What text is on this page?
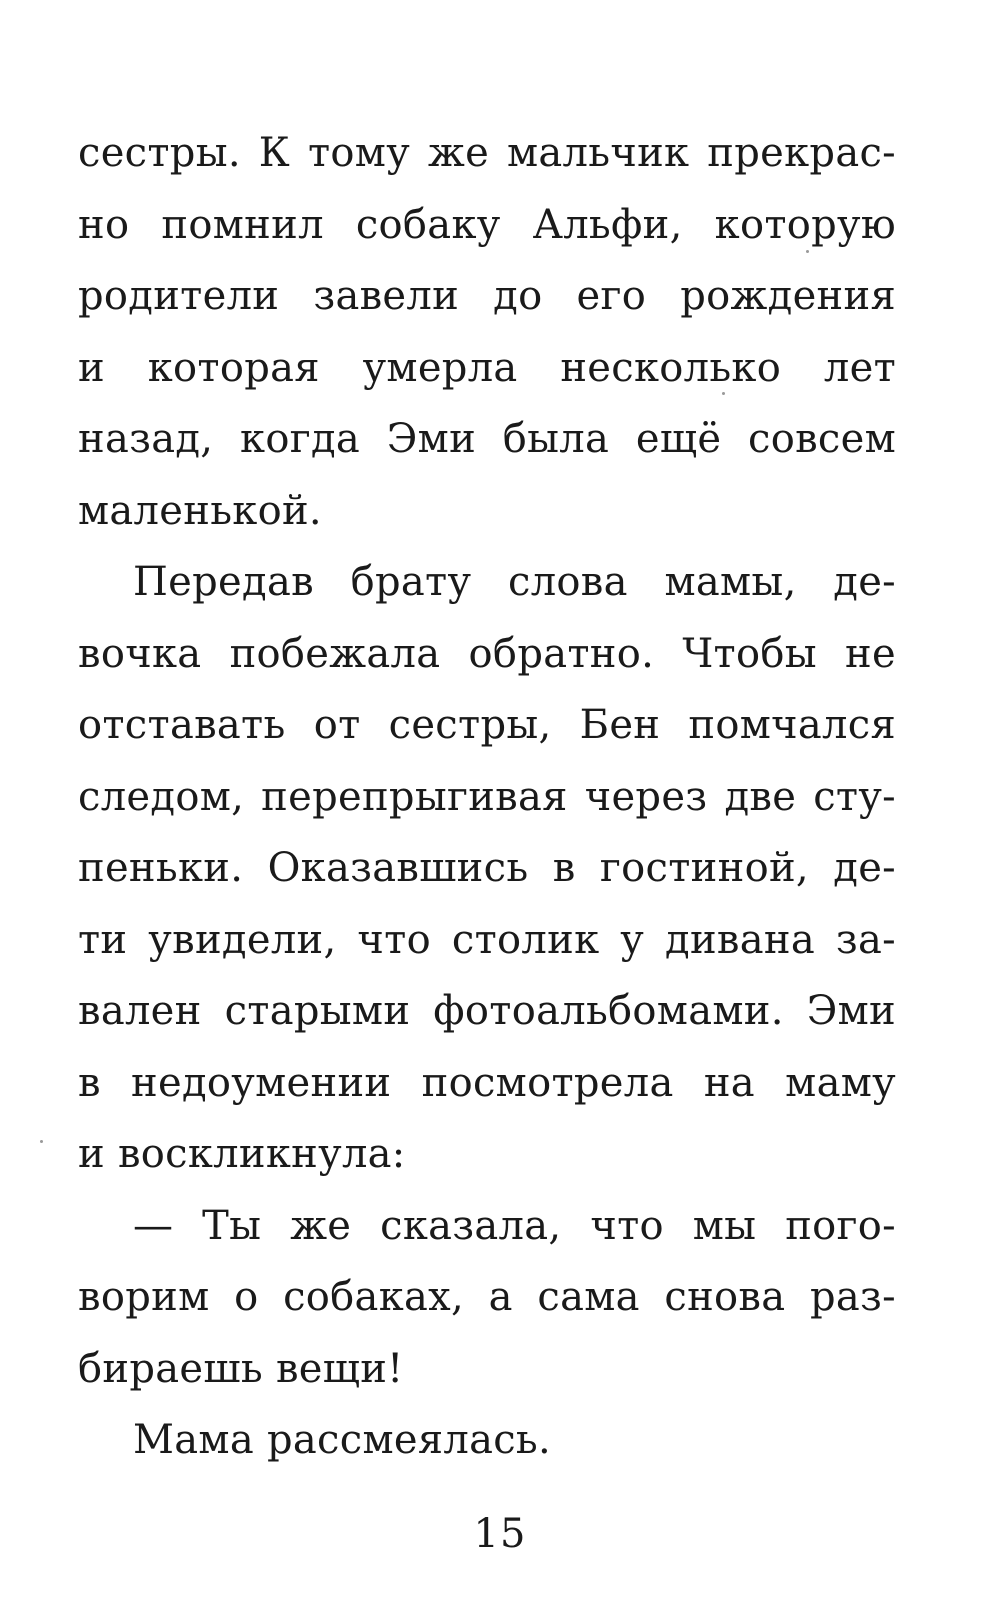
сестры. К тому же мальчик прекрас-
но помнил собаку Альфи, которую
родители завели до его рождения
и которая умерла несколько лет
назад, когда Эми была ещё совсем
маленькой.
Передав брату слова мамы, де-
вочка побежала обратно. Чтобы не
отставать от сестры, Бен помчался
следом, перепрыгивая через две сту-
пеньки. Оказавшись в гостиной, де-
ти увидели, что столик у дивана за-
вален старыми фотоальбомами. Эми
в недоумении посмотрела на маму
и воскликнула:
— Ты же сказала, что мы пого-
ворим о собаках, а сама снова раз-
бираешь вещи!
Мама рассмеялась.
15
